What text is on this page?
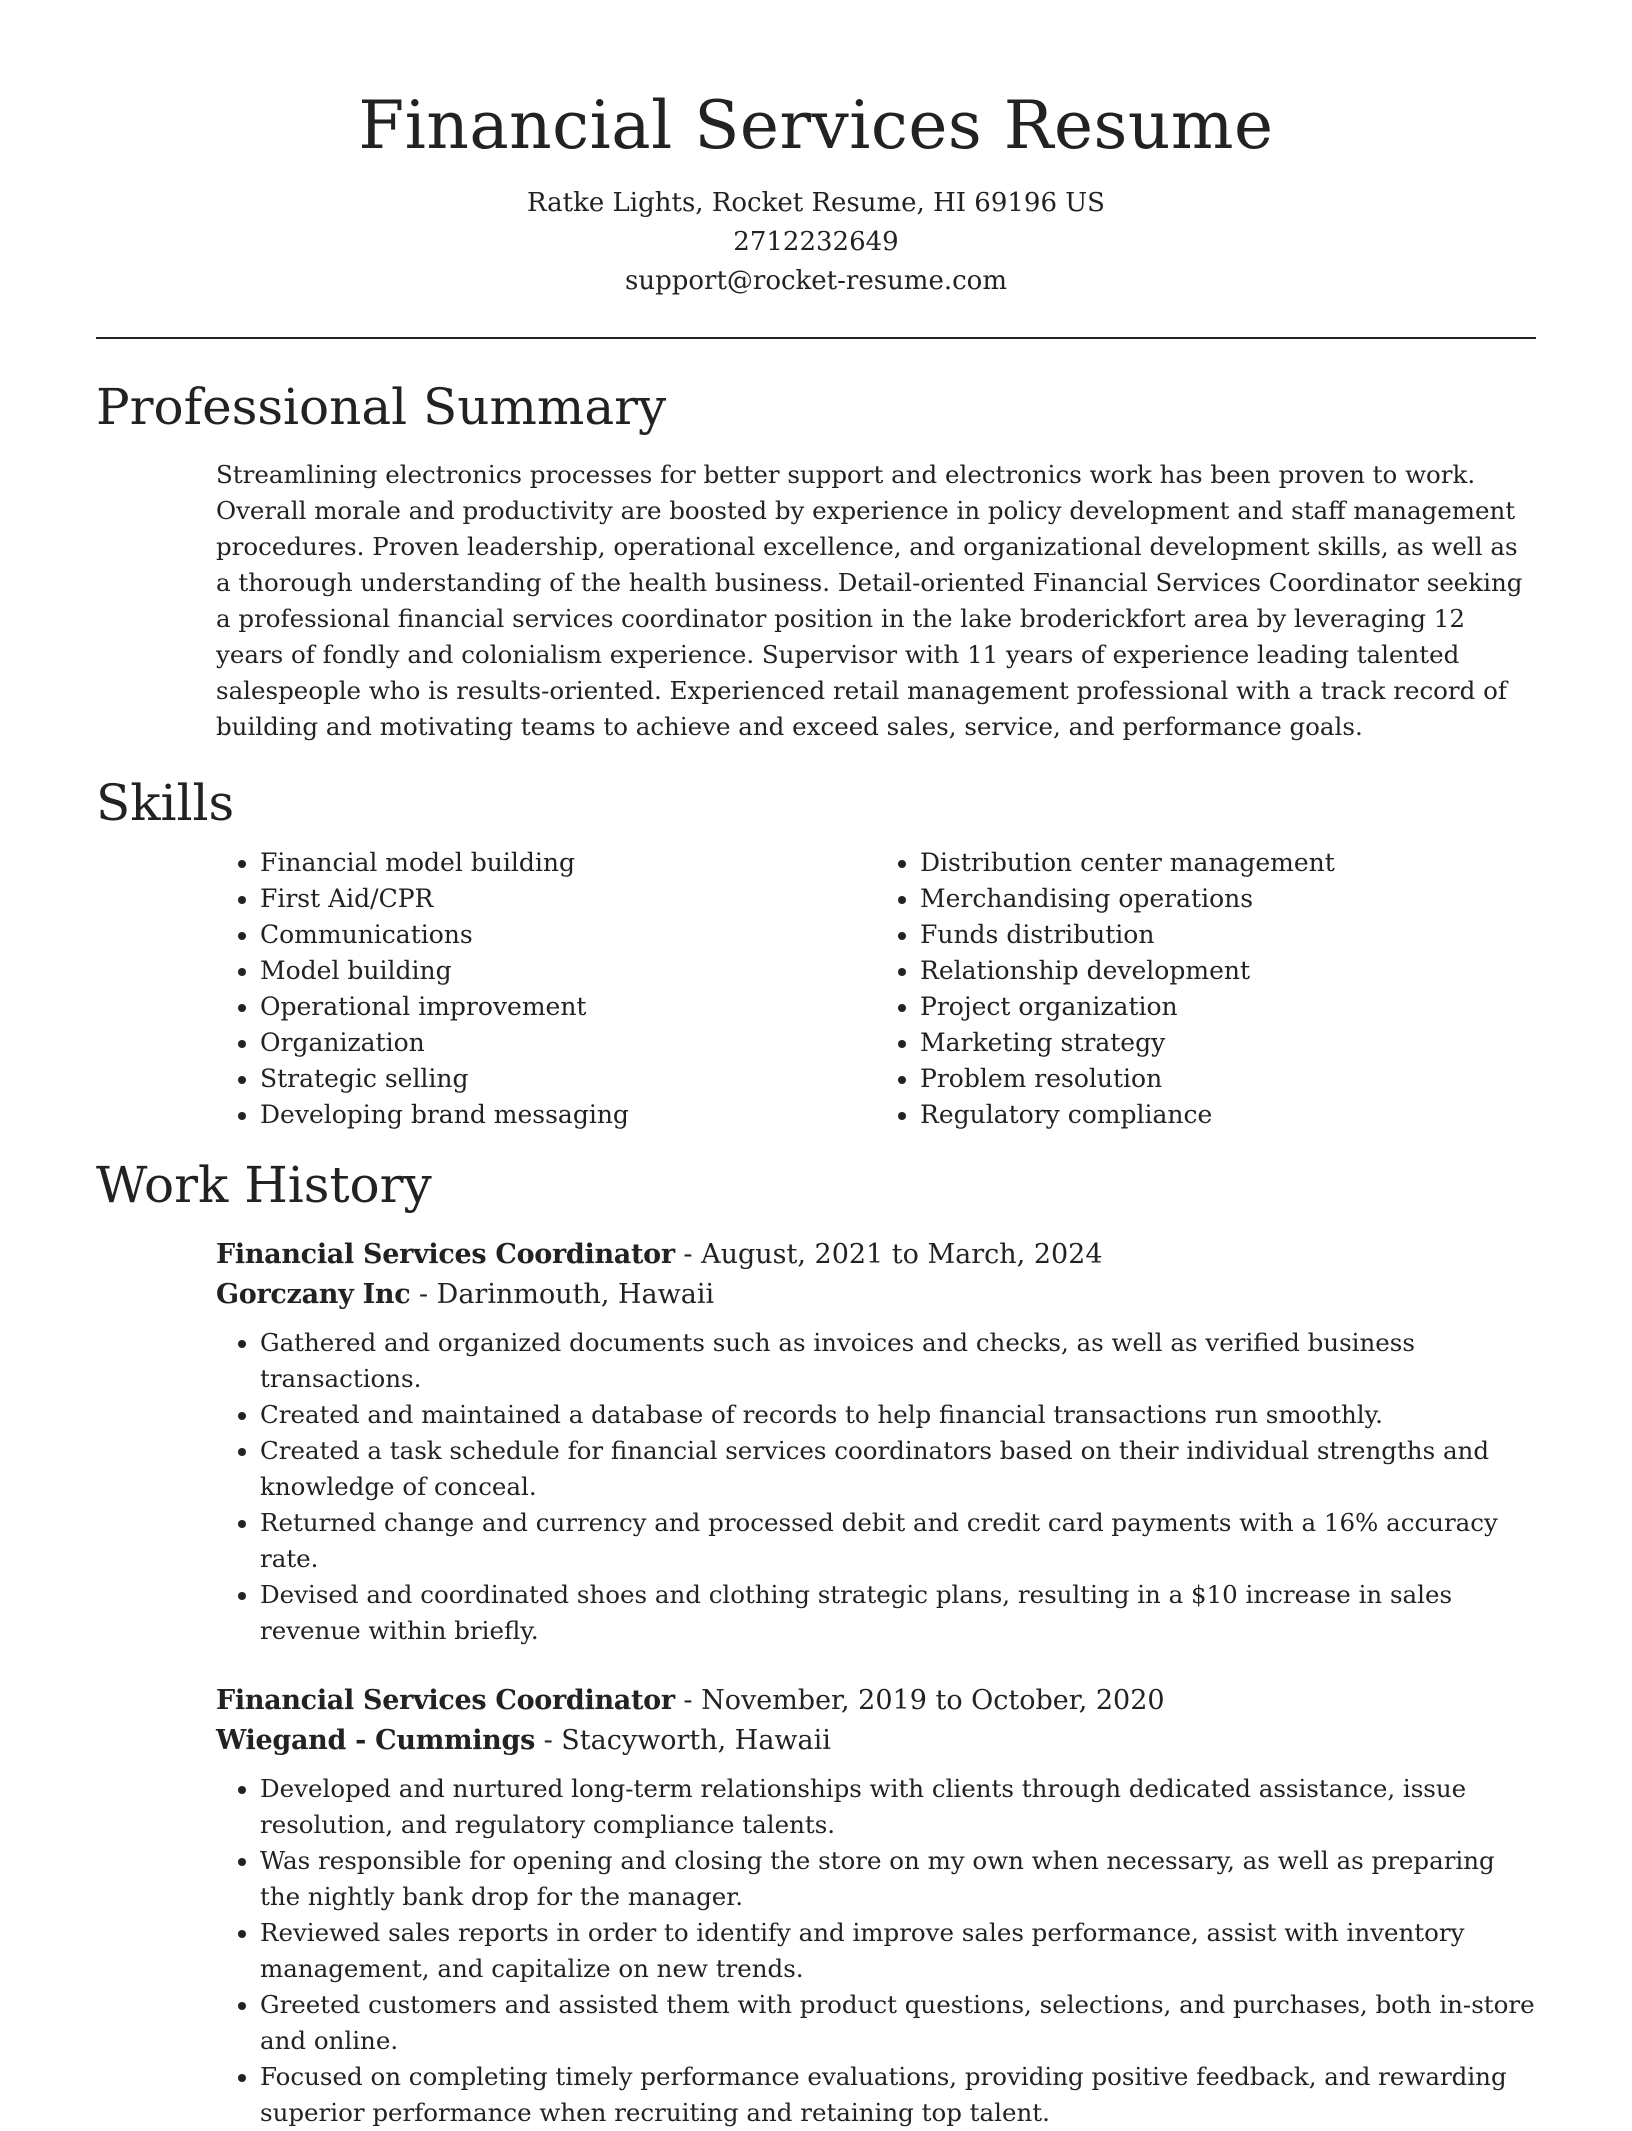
Financial Services Resume
Ratke Lights, Rocket Resume, HI 69196 US
2712232649
support@rocket-resume.com
Professional Summary

Streamlining electronics processes for better support and electronics work has been proven to work. Overall morale and productivity are boosted by experience in policy development and staff management procedures. Proven leadership, operational excellence, and organizational development skills, as well as a thorough understanding of the health business. Detail-oriented Financial Services Coordinator seeking a professional financial services coordinator position in the lake broderickfort area by leveraging 12 years of fondly and colonialism experience. Supervisor with 11 years of experience leading talented salespeople who is results-oriented. Experienced retail management professional with a track record of building and motivating teams to achieve and exceed sales, service, and performance goals.

Skills
• Financial model building
• First Aid/CPR
• Communications
• Model building
• Operational improvement
• Organization
• Strategic selling
• Developing brand messaging
• Distribution center management
• Merchandising operations
• Funds distribution
• Relationship development
• Project organization
• Marketing strategy
• Problem resolution
• Regulatory compliance
Work History
Financial Services Coordinator - August, 2021 to March, 2024
Gorczany Inc - Darinmouth, Hawaii
• Gathered and organized documents such as invoices and checks, as well as verified business transactions.
• Created and maintained a database of records to help financial transactions run smoothly.
• Created a task schedule for financial services coordinators based on their individual strengths and knowledge of conceal.
• Returned change and currency and processed debit and credit card payments with a 16% accuracy rate.
• Devised and coordinated shoes and clothing strategic plans, resulting in a $10 increase in sales revenue within briefly.
Financial Services Coordinator - November, 2019 to October, 2020
Wiegand - Cummings - Stacyworth, Hawaii
• Developed and nurtured long-term relationships with clients through dedicated assistance, issue resolution, and regulatory compliance talents.
• Was responsible for opening and closing the store on my own when necessary, as well as preparing the nightly bank drop for the manager.
• Reviewed sales reports in order to identify and improve sales performance, assist with inventory management, and capitalize on new trends.
• Greeted customers and assisted them with product questions, selections, and purchases, both in-store and online.
• Focused on completing timely performance evaluations, providing positive feedback, and rewarding superior performance when recruiting and retaining top talent.
